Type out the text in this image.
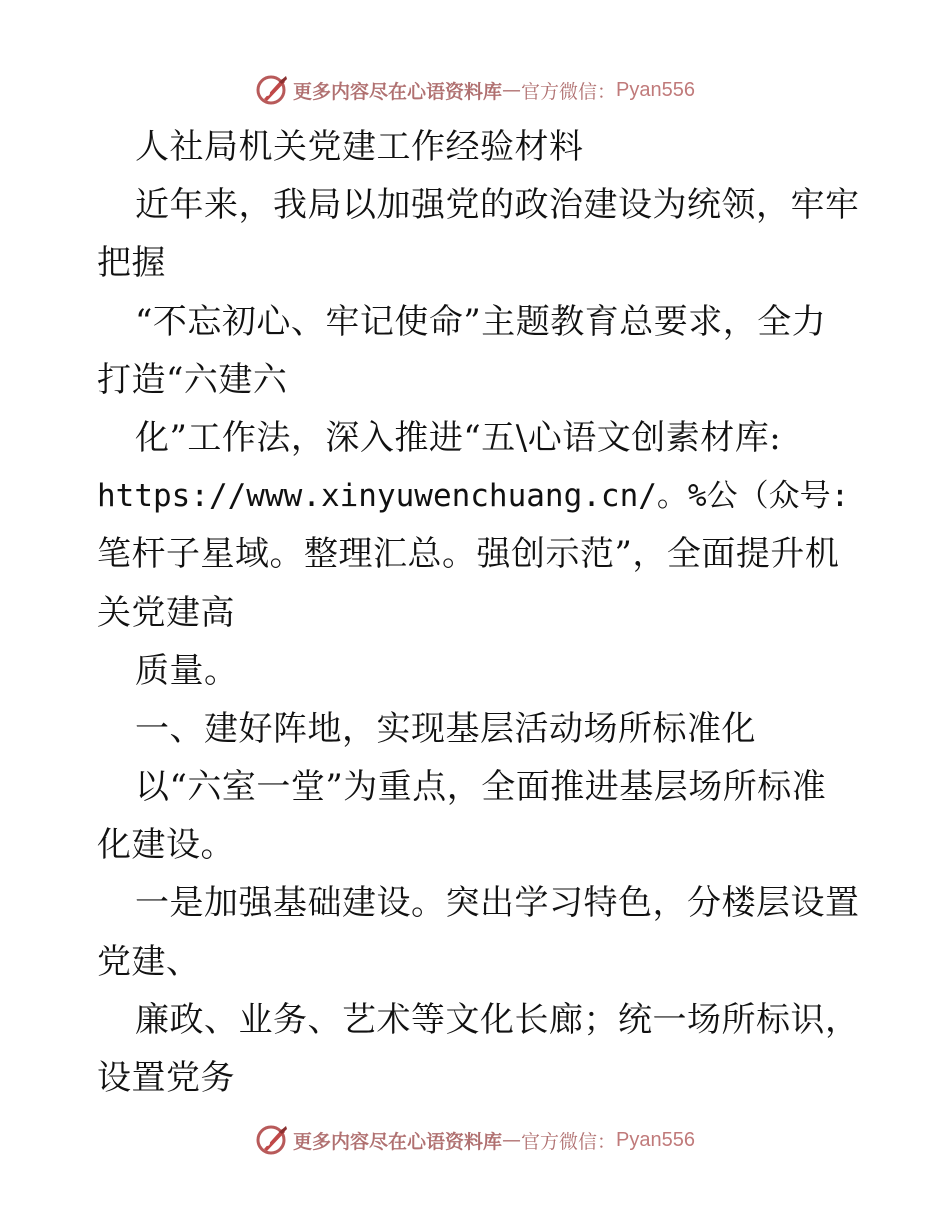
更多内容尽在心语资料库 — 官方微信： Pyan556
人社局机关党建工作经验材料
近年来，我局以加强党的政治建设为统领，牢牢
把握
“不忘初心、牢记使命”主题教育总要求，全力
打造“六建六
化”工作法，深入推进“五\心语文创素材库:
https://www.xinyuwenchuang.cn/。%公（众号:
笔杆子星域。整理汇总。强创示范”，全面提升机
关党建高
质量。
一、建好阵地，实现基层活动场所标准化
以“六室一堂”为重点，全面推进基层场所标准
化建设。
一是加强基础建设。突出学习特色，分楼层设置
党建、
廉政、业务、艺术等文化长廊；统一场所标识，
设置党务
更多内容尽在心语资料库 — 官方微信： Pyan556
